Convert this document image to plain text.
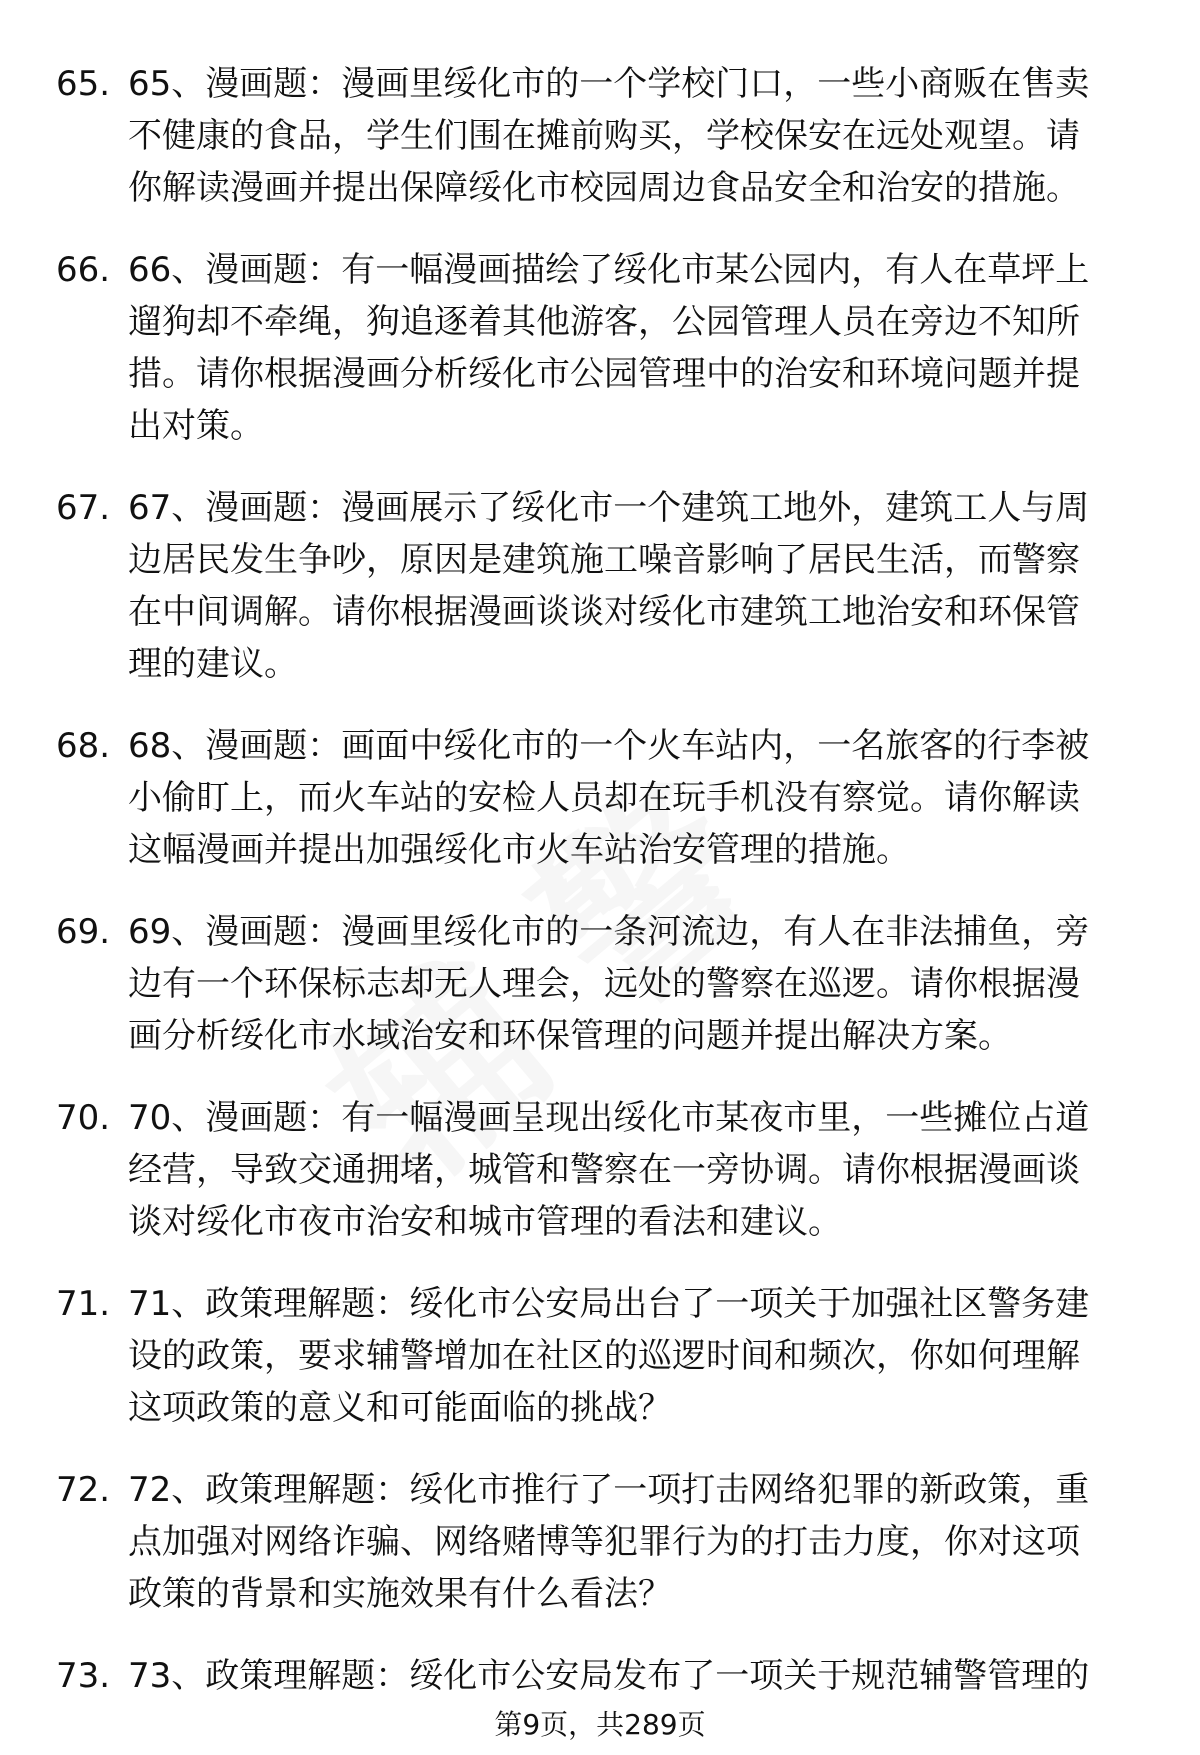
65. 65、漫画题：漫画里绥化市的一个学校门口，一些小商贩在售卖
不健康的食品，学生们围在摊前购买，学校保安在远处观望。请
你解读漫画并提出保障绥化市校园周边食品安全和治安的措施。
66. 66、漫画题：有一幅漫画描绘了绥化市某公园内，有人在草坪上
遛狗却不牵绳，狗追逐着其他游客，公园管理人员在旁边不知所
措。请你根据漫画分析绥化市公园管理中的治安和环境问题并提
出对策。
67. 67、漫画题：漫画展示了绥化市一个建筑工地外，建筑工人与周
边居民发生争吵，原因是建筑施工噪音影响了居民生活，而警察
在中间调解。请你根据漫画谈谈对绥化市建筑工地治安和环保管
理的建议。
68. 68、漫画题：画面中绥化市的一个火车站内，一名旅客的行李被
小偷盯上，而火车站的安检人员却在玩手机没有察觉。请你解读
这幅漫画并提出加强绥化市火车站治安管理的措施。
69. 69、漫画题：漫画里绥化市的一条河流边，有人在非法捕鱼，旁
边有一个环保标志却无人理会，远处的警察在巡逻。请你根据漫
画分析绥化市水域治安和环保管理的问题并提出解决方案。
70. 70、漫画题：有一幅漫画呈现出绥化市某夜市里，一些摊位占道
经营，导致交通拥堵，城管和警察在一旁协调。请你根据漫画谈
谈对绥化市夜市治安和城市管理的看法和建议。
71. 71、政策理解题：绥化市公安局出台了一项关于加强社区警务建
设的政策，要求辅警增加在社区的巡逻时间和频次，你如何理解
这项政策的意义和可能面临的挑战？
72. 72、政策理解题：绥化市推行了一项打击网络犯罪的新政策，重
点加强对网络诈骗、网络赌博等犯罪行为的打击力度，你对这项
政策的背景和实施效果有什么看法？
73. 73、政策理解题：绥化市公安局发布了一项关于规范辅警管理的
第9页，共289页
